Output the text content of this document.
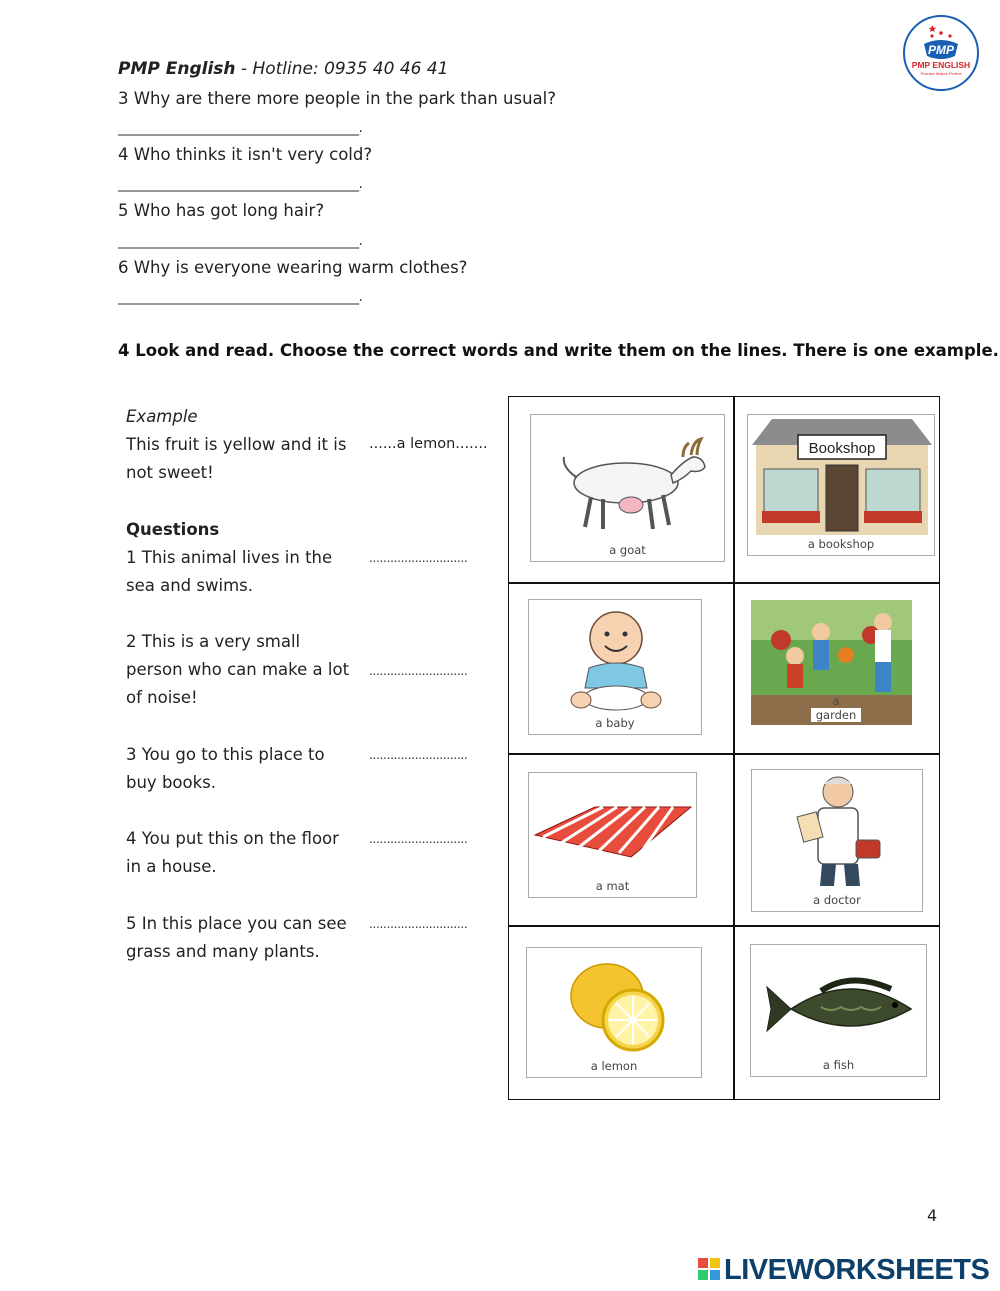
PMP English - Hotline: 0935 40 46 41
PMP
PMP ENGLISH
Practice Makes Perfect
3 Why are there more people in the park than usual?
_____________________________________.
4 Who thinks it isn't very cold?
_____________________________________.
5 Who has got long hair?
_____________________________________.
6 Why is everyone wearing warm clothes?
_____________________________________.
4 Look and read. Choose the correct words and write them on the lines. There is one example.
Example
This fruit is yellow and it is not sweet!
......a lemon.......
Questions
1 This animal lives in the sea and swims.
............................
2 This is a very small person who can make a lot of noise!
............................
3 You go to this place to buy books.
............................
4 You put this on the floor in a house.
............................
5 In this place you can see grass and many plants.
............................
a goat
Bookshop
a bookshop
a baby
a garden
a mat
a doctor
a lemon	a fish
4
LIVEWORKSHEETS
